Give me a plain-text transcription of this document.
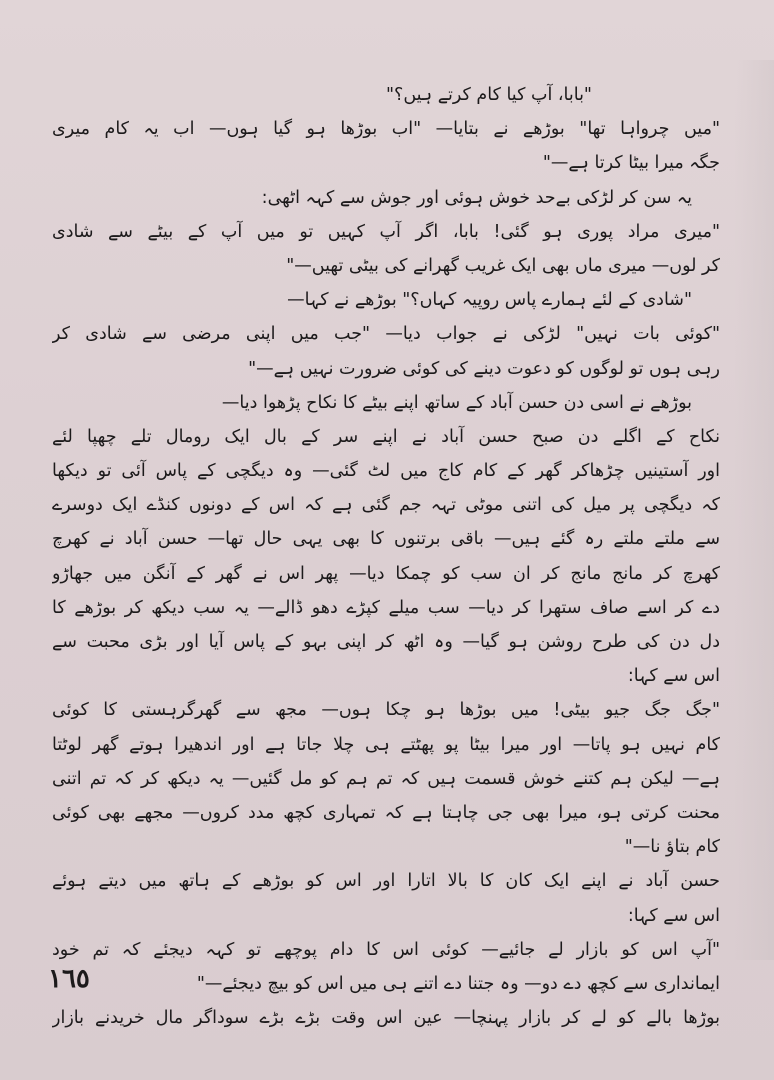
"بابا، آپ کیا کام کرتے ہیں؟"
"میں چرواہا تھا" بوڑھے نے بتایا— "اب بوڑھا ہو گیا ہوں— اب یہ کام میری
جگہ میرا بیٹا کرتا ہے—"
یہ سن کر لڑکی بےحد خوش ہوئی اور جوش سے کہہ اٹھی:
"میری مراد پوری ہو گئی! بابا، اگر آپ کہیں تو میں آپ کے بیٹے سے شادی
کر لوں— میری ماں بھی ایک غریب گھرانے کی بیٹی تھیں—"
"شادی کے لئے ہمارے پاس روپیہ کہاں؟" بوڑھے نے کہا—
"کوئی بات نہیں" لڑکی نے جواب دیا— "جب میں اپنی مرضی سے شادی کر
رہی ہوں تو لوگوں کو دعوت دینے کی کوئی ضرورت نہیں ہے—"
بوڑھے نے اسی دن حسن آباد کے ساتھ اپنے بیٹے کا نکاح پڑھوا دیا—
نکاح کے اگلے دن صبح حسن آباد نے اپنے سر کے بال ایک رومال تلے چھپا لئے
اور آستینیں چڑھاکر گھر کے کام کاج میں لٹ گئی— وہ دیگچی کے پاس آئی تو دیکھا
کہ دیگچی پر میل کی اتنی موٹی تہہ جم گئی ہے کہ اس کے دونوں کنڈے ایک دوسرے
سے ملتے ملتے رہ گئے ہیں— باقی برتنوں کا بھی یہی حال تھا— حسن آباد نے کھرچ
کھرچ کر مانج مانج کر ان سب کو چمکا دیا— پھر اس نے گھر کے آنگن میں جھاڑو
دے کر اسے صاف ستھرا کر دیا— سب میلے کپڑے دھو ڈالے— یہ سب دیکھ کر بوڑھے کا
دل دن کی طرح روشن ہو گیا— وہ اٹھ کر اپنی بہو کے پاس آیا اور بڑی محبت سے
اس سے کہا:
"جگ جگ جیو بیٹی! میں بوڑھا ہو چکا ہوں— مجھ سے گھرگرہستی کا کوئی
کام نہیں ہو پاتا— اور میرا بیٹا پو پھٹتے ہی چلا جاتا ہے اور اندھیرا ہوتے گھر لوٹتا
ہے— لیکن ہم کتنے خوش قسمت ہیں کہ تم ہم کو مل گئیں— یہ دیکھ کر کہ تم اتنی
محنت کرتی ہو، میرا بھی جی چاہتا ہے کہ تمہاری کچھ مدد کروں— مجھے بھی کوئی
کام بتاؤ نا—"
حسن آباد نے اپنے ایک کان کا بالا اتارا اور اس کو بوڑھے کے ہاتھ میں دیتے ہوئے
اس سے کہا:
"آپ اس کو بازار لے جائیے— کوئی اس کا دام پوچھے تو کہہ دیجئے کہ تم خود
ایمانداری سے کچھ دے دو— وہ جتنا دے اتنے ہی میں اس کو بیچ دیجئے—"
بوڑھا بالے کو لے کر بازار پہنچا— عین اس وقت بڑے بڑے سوداگر مال خریدنے بازار
١٦٥
